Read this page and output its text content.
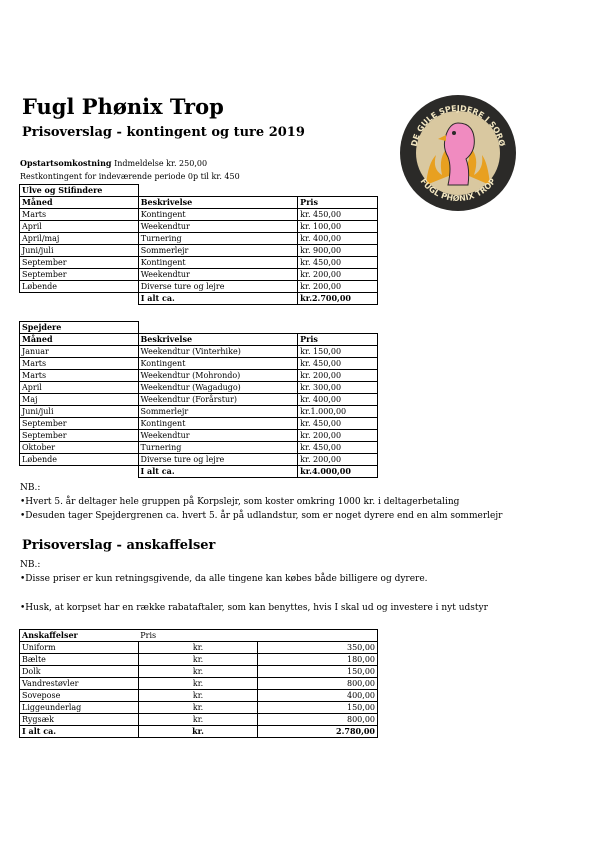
Fugl Phønix Trop
Prisoverslag - kontingent og ture 2019
Opstartsomkostning Indmeldelse kr. 250,00
Restkontingent for indeværende periode 0p til kr. 450
DE GULE SPEJDERE I SORØ
FUGL PHØNIX TROP
Ulve og Stifindere		
Måned	Beskrivelse	Pris
Marts	Kontingent	kr. 450,00
April	Weekendtur	kr. 100,00
April/maj	Turnering	kr. 400,00
Juni/juli	Sommerlejr	kr. 900,00
September	Kontingent	kr. 450,00
September	Weekendtur	kr. 200,00
Løbende	Diverse ture og lejre	kr. 200,00
	I alt ca.	kr.2.700,00
Spejdere		
Måned	Beskrivelse	Pris
Januar	Weekendtur (Vinterhike)	kr. 150,00
Marts	Kontingent	kr. 450,00
Marts	Weekendtur (Mohrondo)	kr. 200,00
April	Weekendtur (Wagadugo)	kr. 300,00
Maj	Weekendtur (Forårstur)	kr. 400,00
Juni/juli	Sommerlejr	kr.1.000,00
September	Kontingent	kr. 450,00
September	Weekendtur	kr. 200,00
Oktober	Turnering	kr. 450,00
Løbende	Diverse ture og lejre	kr. 200,00
	I alt ca.	kr.4.000,00
NB.:
•Hvert 5. år deltager hele gruppen på Korpslejr, som koster omkring 1000 kr. i deltagerbetaling
•Desuden tager Spejdergrenen ca. hvert 5. år på udlandstur, som er noget dyrere end en alm sommerlejr
Prisoverslag - anskaffelser
NB.:
•Disse priser er kun retningsgivende, da alle tingene kan købes både billigere og dyrere.
•Husk, at korpset har en række rabataftaler, som kan benyttes, hvis I skal ud og investere i nyt udstyr
Anskaffelser	Pris	
Uniform	kr.	350,00
Bælte	kr.	180,00
Dolk	kr.	150,00
Vandrestøvler	kr.	800,00
Sovepose	kr.	400,00
Liggeunderlag	kr.	150,00
Rygsæk	kr.	800,00
I alt ca.	kr.	2.780,00
